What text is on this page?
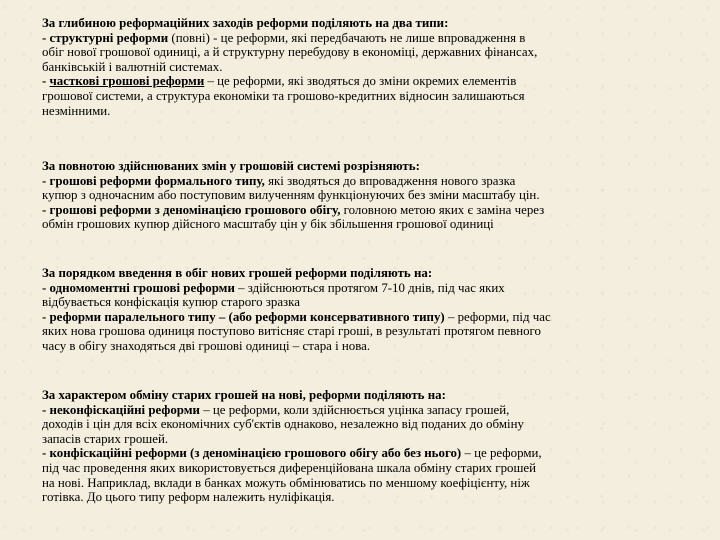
За глибиною реформаційних заходів реформи поділяють на два типи:
- структурні реформи (повні) - це реформи, які передбачають не лише впровадження в
обіг нової грошової одиниці, а й структурну перебудову в економіці, державних фінансах,
банківській і валютній системах.
- часткові грошові реформи – це реформи, які зводяться до зміни окремих елементів
грошової системи, а структура економіки та грошово-кредитних відносин залишаються
незмінними.
За повнотою здійснюваних змін у грошовій системі розрізняють:
- грошові реформи формального типу, які зводяться до впровадження нового зразка
купюр з одночасним або поступовим вилученням функціонуючих без зміни масштабу цін.
- грошові реформи з деномінацією грошового обігу, головною метою яких є заміна через
обмін грошових купюр дійсного масштабу цін у бік збільшення грошової одиниці
За порядком введення в обіг нових грошей реформи поділяють на:
- одномоментні грошові реформи – здійснюються протягом 7-10 днів, під час яких
відбувається конфіскація купюр старого зразка
- реформи паралельного типу – (або реформи консервативного типу) – реформи, під час
яких нова грошова одиниця поступово витісняє старі гроші, в результаті протягом певного
часу в обігу знаходяться дві грошові одиниці – стара і нова.
За характером обміну старих грошей на нові, реформи поділяють на:
- неконфіскаційні реформи – це реформи, коли здійснюється уцінка запасу грошей,
доходів і цін для всіх економічних суб'єктів однаково, незалежно від поданих до обміну
запасів старих грошей.
- конфіскаційні реформи (з деномінацією грошового обігу або без нього) – це реформи,
під час проведення яких використовується диференційована шкала обміну старих грошей
на нові. Наприклад, вклади в банках можуть обмінюватись по меншому коефіцієнту, ніж
готівка. До цього типу реформ належить нуліфікація.
